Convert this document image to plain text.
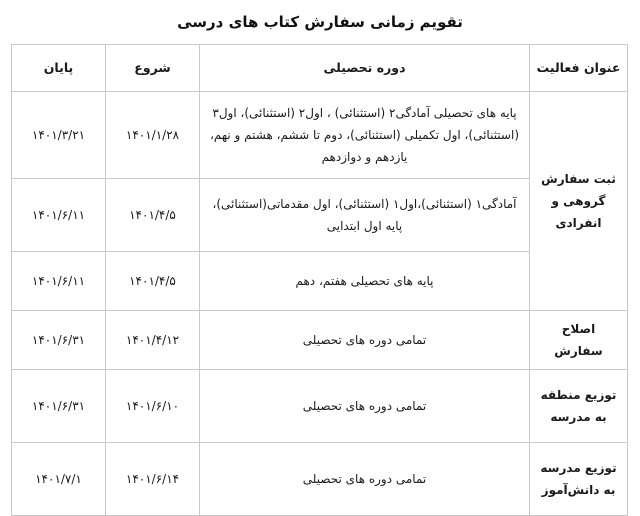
تقویم زمانی سفارش کتاب های درسی
عنوان فعالیت	دوره تحصیلی	شروع	پایان
ثبت سفارش گروهی و انفرادی	پایه های تحصیلی آمادگی۲ (استثنائی) ، اول۲ (استثنائی)، اول۳ (استثنائی)، اول تکمیلی (استثنائی)، دوم تا ششم، هشتم و نهم، یازدهم و دوازدهم	۱۴۰۱/۱/۲۸	۱۴۰۱/۳/۲۱
	آمادگی۱ (استثنائی)،اول۱ (استثنائی)، اول مقدماتی(استثنائی)، پایه اول ابتدایی	۱۴۰۱/۴/۵	۱۴۰۱/۶/۱۱
	پایه های تحصیلی هفتم، دهم	۱۴۰۱/۴/۵	۱۴۰۱/۶/۱۱
اصلاح سفارش	تمامی دوره های تحصیلی	۱۴۰۱/۴/۱۲	۱۴۰۱/۶/۳۱
توزیع منطقه به مدرسه	تمامی دوره های تحصیلی	۱۴۰۱/۶/۱۰	۱۴۰۱/۶/۳۱
توزیع مدرسه به دانش‌آموز	تمامی دوره های تحصیلی	۱۴۰۱/۶/۱۴	۱۴۰۱/۷/۱
